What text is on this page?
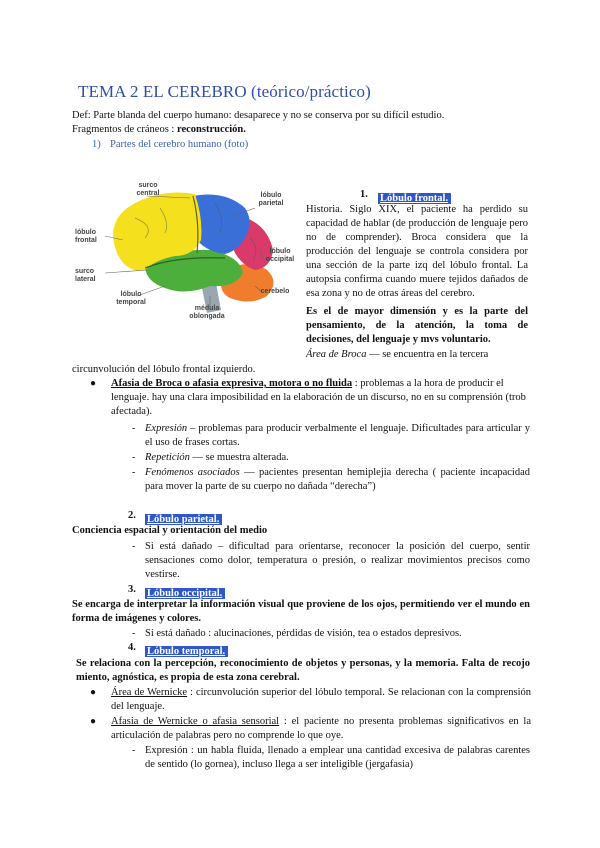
TEMA 2 EL CEREBRO (teórico/práctico)
Def: Parte blanda del cuerpo humano: desaparece y no se conserva por su difícil estudio.
Fragmentos de cráneos : reconstrucción.
1) Partes del cerebro humano (foto)
surco
central
lóbulo
frontal
surco
lateral
lóbulo
temporal
médula
oblongada
lóbulo
parietal
lóbulo
occipital
cerebelo
1. Lóbulo frontal.
Historia. Siglo XIX, el paciente ha perdido su capacidad de hablar (de producción de lenguaje pero no de comprender). Broca considera que la producción del lenguaje se controla considera por una sección de la parte izq del lóbulo frontal. La autopsia confirma cuando muere tejidos dañados de esa zona y no de otras áreas del cerebro.
Es el de mayor dimensión y es la parte del pensamiento, de la atención, la toma de decisiones, del lenguaje y mvs voluntario.
Área de Broca — se encuentra en la tercera
circunvolución del lóbulo frontal izquierdo.
● Afasia de Broca o afasia expresiva, motora o no fluida : problemas a la hora de producir el lenguaje. hay una clara imposibilidad en la elaboración de un discurso, no en su comprensión (trob afectada).
- Expresión – problemas para producir verbalmente el lenguaje. Dificultades para articular y el uso de frases cortas.
- Repetición — se muestra alterada.
- Fenómenos asociados — pacientes presentan hemiplejia derecha ( paciente incapacidad para mover la parte de su cuerpo no dañada “derecha”)
2. Lóbulo parietal.
Conciencia espacial y orientación del medio
- Si está dañado – dificultad para orientarse, reconocer la posición del cuerpo, sentir sensaciones como dolor, temperatura o presión, o realizar movimientos precisos como vestirse.
3. Lóbulo occipital.
Se encarga de interpretar la información visual que proviene de los ojos, permitiendo ver el mundo en forma de imágenes y colores.
- Si está dañado : alucinaciones, pérdidas de visión, tea o estados depresivos.
4. Lóbulo temporal.
Se relaciona con la percepción, reconocimiento de objetos y personas, y la memoria. Falta de recojo miento, agnóstica, es propia de esta zona cerebral.
● Área de Wernicke : circunvolución superior del lóbulo temporal. Se relacionan con la comprensión del lenguaje.
● Afasia de Wernicke o afasia sensorial : el paciente no presenta problemas significativos en la articulación de palabras pero no comprende lo que oye.
- Expresión : un habla fluida, llenado a emplear una cantidad excesiva de palabras carentes de sentido (lo gornea), incluso llega a ser inteligible (jergafasia)
